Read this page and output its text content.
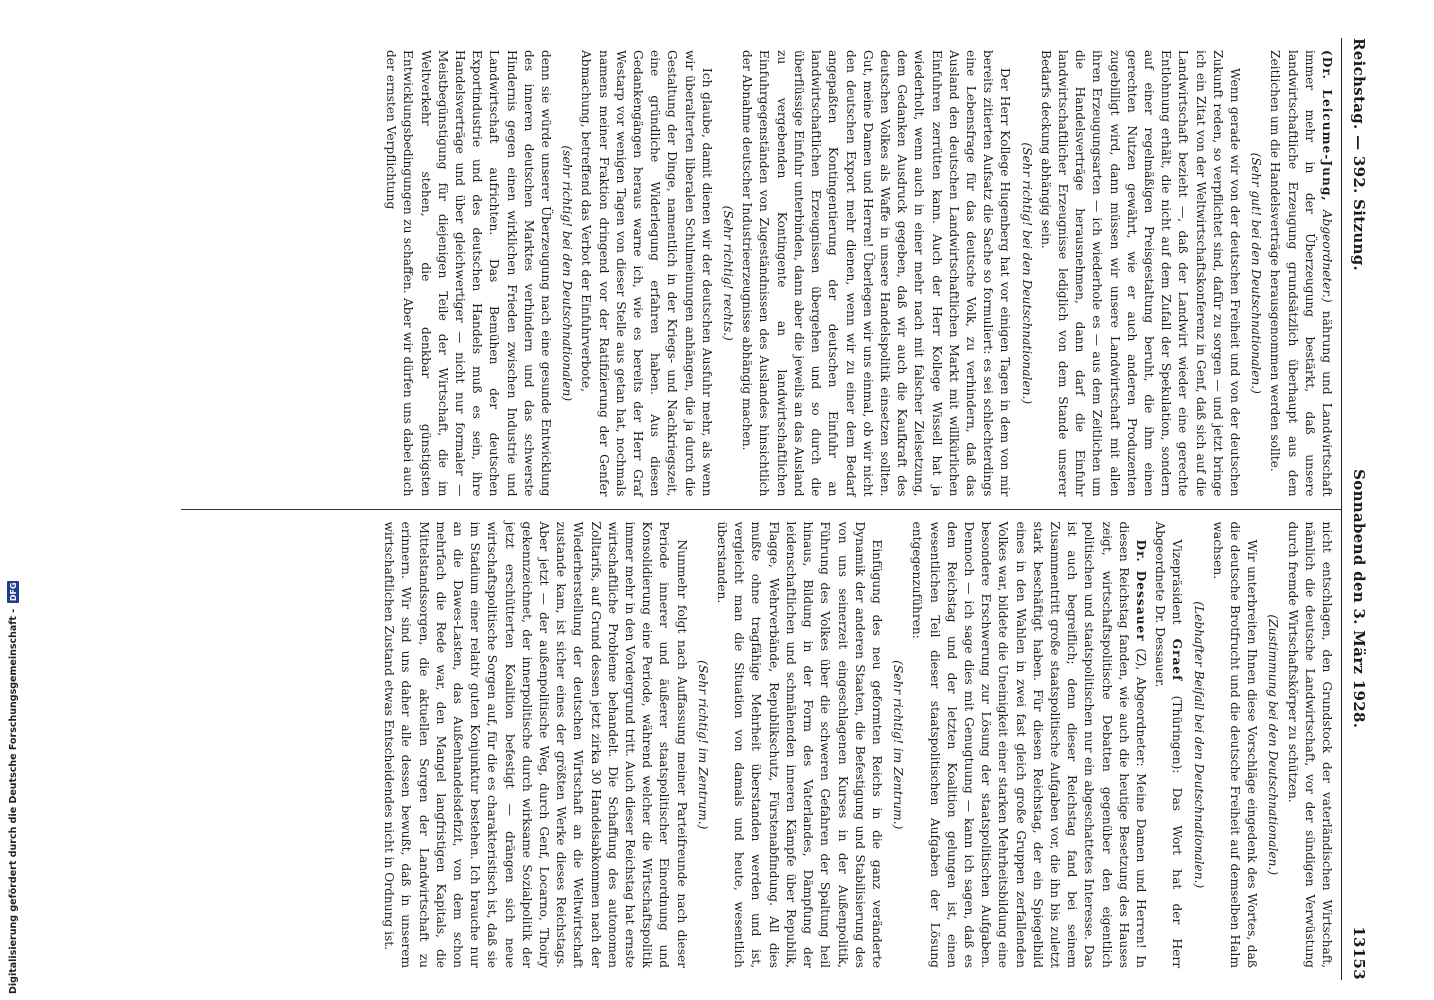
Digitalisierung gefördert durch die Deutsche Forschungsgemeinschaft -
DFG
Reichstag. — 392. Sitzung.
Sonnabend den 3. März 1928.
13153

(Dr. Leicume-Jung, Abgeordneter.) nährung und Landwirtschaft immer mehr in der Überzeugung bestärkt, daß unsere landwirtschaftliche Erzeugung grundsätzlich überhaupt aus dem Zeitlichen um die Handelsverträge herausgenommen werden sollte.

(Sehr gut! bei den Deutschnationalen.)

Wenn gerade wir von der deutschen Freiheit und von der deutschen Zukunft reden, so verpflichtet sind, dafür zu sorgen — und jetzt bringe ich ein Zitat von der Weltwirtschaftskonferenz in Genf, daß sich auf die Landwirtschaft bezieht —, daß der Landwirt wieder eine gerechte Entlohnung erhält, die nicht auf dem Zufall der Spekulation, sondern auf einer regelmäßigen Preisgestaltung beruht, die ihm einen gerechten Nutzen gewährt, wie er auch anderen Produzenten zugebilligt wird, dann müssen wir unsere Landwirtschaft mit allen ihren Erzeugungsarten — ich wiederhole es — aus dem Zeitlichen um die Handelsverträge herausnehmen, dann darf die Einfuhr landwirtschaftlicher Erzeugnisse lediglich von dem Stande unserer Bedarfs deckung abhängig sein.

(Sehr richtig! bei den Deutschnationalen.)

Der Herr Kollege Hugenberg hat vor einigen Tagen in dem von mir bereits zitierten Aufsatz die Sache so formuliert: es sei schlechterdings eine Lebensfrage für das deutsche Volk, zu verhindern, daß das Ausland den deutschen Landwirtschaftlichen Markt mit willkürlichen Einfuhren zerrütten kann. Auch der Herr Kollege Wissell hat ja wiederholt, wenn auch in einer mehr nach mit falscher Zielsetzung, dem Gedanken Ausdruck gegeben, daß wir auch die Kaufkraft des deutschen Volkes als Waffe in unsere Handelspolitik einsetzen sollten. Gut, meine Damen und Herren! Überlegen wir uns einmal, ob wir nicht den deutschen Export mehr dienen, wenn wir zu einer dem Bedarf angepaßten Kontingentierung der deutschen Einfuhr an landwirtschaftlichen Erzeugnissen übergehen und so durch die überflüssige Einfuhr unterbinden, dann aber die jeweils an das Ausland zu vergebenden Kontingente an landwirtschaftlichen Einfuhrgegenständen von Zugeständnissen des Auslandes hinsichtlich der Abnahme deutscher Industrieerzeugnisse abhängig machen.

(Sehr richtig! rechts.)

Ich glaube, damit dienen wir der deutschen Ausfuhr mehr, als wenn wir überalterten liberalen Schulmeinungen anhängen, die ja durch die Gestaltung der Dinge, namentlich in der Kriegs- und Nachkriegszeit, eine gründliche Widerlegung erfahren haben. Aus diesen Gedankengängen heraus warne ich, wie es bereits der Herr Graf Westarp vor wenigen Tagen von dieser Stelle aus getan hat, nochmals namens meiner Fraktion dringend vor der Ratifizierung der Genfer Abmachung, betreffend das Verbot der Einfuhrverbote,

(sehr richtig! bei den Deutschnationalen)

denn sie würde unserer Überzeugung nach eine gesunde Entwicklung des inneren deutschen Marktes verhindern und das schwerste Hindernis gegen einen wirklichen Frieden zwischen Industrie und Landwirtschaft aufrichten. Das Bemühen der deutschen Exportindustrie und des deutschen Handels muß es sein, ihre Handelsverträge und über gleichwertiger — nicht nur formaler — Meistbegünstigung für diejenigen Teile der Wirtschaft, die im Weltverkehr stehen, die denkbar günstigsten Entwicklungsbedingungen zu schaffen. Aber wir dürfen uns dabei auch der ernsten Verpflichtung

nicht entschlagen, den Grundstock der vaterländischen Wirtschaft, nämlich die deutsche Landwirtschaft, vor der sündigen Verwüstung durch fremde Wirtschaftskörper zu schützen.

(Zustimmung bei den Deutschnationalen.)

Wir unterbreiten Ihnen diese Vorschläge eingedenk des Wortes, daß die deutsche Brotfrucht und die deutsche Freiheit auf demselben Halm wachsen.

(Lebhafter Beifall bei den Deutschnationalen.)

Vizepräsident Graef (Thüringen): Das Wort hat der Herr Abgeordnete Dr. Dessauer.

Dr. Dessauer (Z), Abgeordneter: Meine Damen und Herren! In diesen Reichstag fanden, wie auch die heutige Besetzung des Hauses zeigt, wirtschaftspolitische Debatten gegenüber den eigentlich politischen und staatspolitischen nur ein abgeschattetes Interesse. Das ist auch begreiflich; denn dieser Reichstag fand bei seinem Zusammentritt große staatspolitische Aufgaben vor, die ihn bis zuletzt stark beschäftigt haben. Für diesen Reichstag, der ein Spiegelbild eines in den Wahlen in zwei fast gleich große Gruppen zerfallenden Volkes war, bildete die Uneinigkeit einer starken Mehrheitsbildung eine besondere Erschwerung zur Lösung der staatspolitischen Aufgaben. Dennoch — ich sage dies mit Genugtuung — kann ich sagen, daß es dem Reichstag und der letzten Koalition gelungen ist, einen wesentlichen Teil dieser staatspolitischen Aufgaben der Lösung entgegenzuführen:

(Sehr richtig! im Zentrum.)

Einfügung des neu geformten Reichs in die ganz veränderte Dynamik der anderen Staaten, die Befestigung und Stabilisierung des von uns seinerzeit eingeschlagenen Kurses in der Außenpolitik, Führung des Volkes über die schweren Gefahren der Spaltung heil hinaus, Bildung in der Form des Vaterlandes, Dämpfung der leidenschaftlichen und schmähenden inneren Kämpfe über Republik, Flagge, Wehrverbände, Republikschutz, Fürstenabfindung. All dies mußte ohne tragfähige Mehrheit überstanden werden und ist, vergleicht man die Situation von damals und heute, wesentlich überstanden.

(Sehr richtig! im Zentrum.)

Nunmehr folgt nach Auffassung meiner Parteifreunde nach dieser Periode innerer und äußerer staatspolitischer Einordnung und Konsolidierung eine Periode, während welcher die Wirtschaftspolitik immer mehr in den Vordergrund tritt. Auch dieser Reichstag hat ernste wirtschaftliche Probleme behandelt. Die Schaffung des autonomen Zolltarifs, auf Grund dessen jetzt zirka 30 Handelsabkommen nach der Wiederherstellung der deutschen Wirtschaft an die Weltwirtschaft zustande kam, ist sicher eines der größten Werke dieses Reichstags. Aber jetzt — der außenpolitische Weg, durch Genf, Locarno, Thoiry gekennzeichnet, der innerpolitische durch wirksame Sozialpolitik der jetzt erschütterten Koalition befestigt — drängen sich neue wirtschaftspolitische Sorgen auf, für die es charakteristisch ist, daß sie im Stadium einer relativ guten Konjunktur bestehen. Ich brauche nur an die Dawes-Lasten, das Außenhandelsdefizit, von dem schon mehrfach die Rede war, den Mangel langfristigen Kapitals, die Mittelstandssorgen, die aktuellen Sorgen der Landwirtschaft zu erinnern. Wir sind uns daher alle dessen bewußt, daß in unserem wirtschaftlichen Zustand etwas Entscheidendes nicht in Ordnung ist.
